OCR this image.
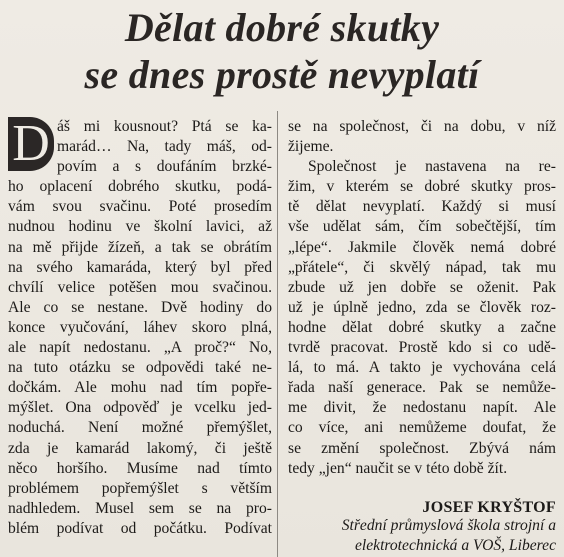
Dělat dobré skutky
se dnes prostě nevyplatí
D áš mi kousnout? Ptá se ka-
marád… Na, tady máš, od-
povím a s doufáním brzké-
ho oplacení dobrého skutku, podá-
vám svou svačinu. Poté prosedím
nudnou hodinu ve školní lavici, až
na mě přijde žízeň, a tak se obrátím
na svého kamaráda, který byl před
chvílí velice potěšen mou svačinou.
Ale co se nestane. Dvě hodiny do
konce vyučování, láhev skoro plná,
ale napít nedostanu. „A proč?“ No,
na tuto otázku se odpovědi také ne-
dočkám. Ale mohu nad tím popře-
mýšlet. Ona odpověď je vcelku jed-
noduchá. Není možné přemýšlet,
zda je kamarád lakomý, či ještě
něco horšího. Musíme nad tímto
problémem popřemýšlet s větším
nadhledem. Musel sem se na pro-
blém podívat od počátku. Podívat
se na společnost, či na dobu, v níž
žijeme.
Společnost je nastavena na re-
žim, v kterém se dobré skutky pros-
tě dělat nevyplatí. Každý si musí
vše udělat sám, čím sobečtější, tím
„lépe“. Jakmile člověk nemá dobré
„přátele“, či skvělý nápad, tak mu
zbude už jen dobře se oženit. Pak
už je úplně jedno, zda se člověk roz-
hodne dělat dobré skutky a začne
tvrdě pracovat. Prostě kdo si co udě-
lá, to má. A takto je vychována celá
řada naší generace. Pak se nemůže-
me divit, že nedostanu napít. Ale
co více, ani nemůžeme doufat, že
se změní společnost. Zbývá nám
tedy „jen“ naučit se v této době žít.
JOSEF KRYŠTOF
Střední průmyslová škola strojní a
elektrotechnická a VOŠ, Liberec
